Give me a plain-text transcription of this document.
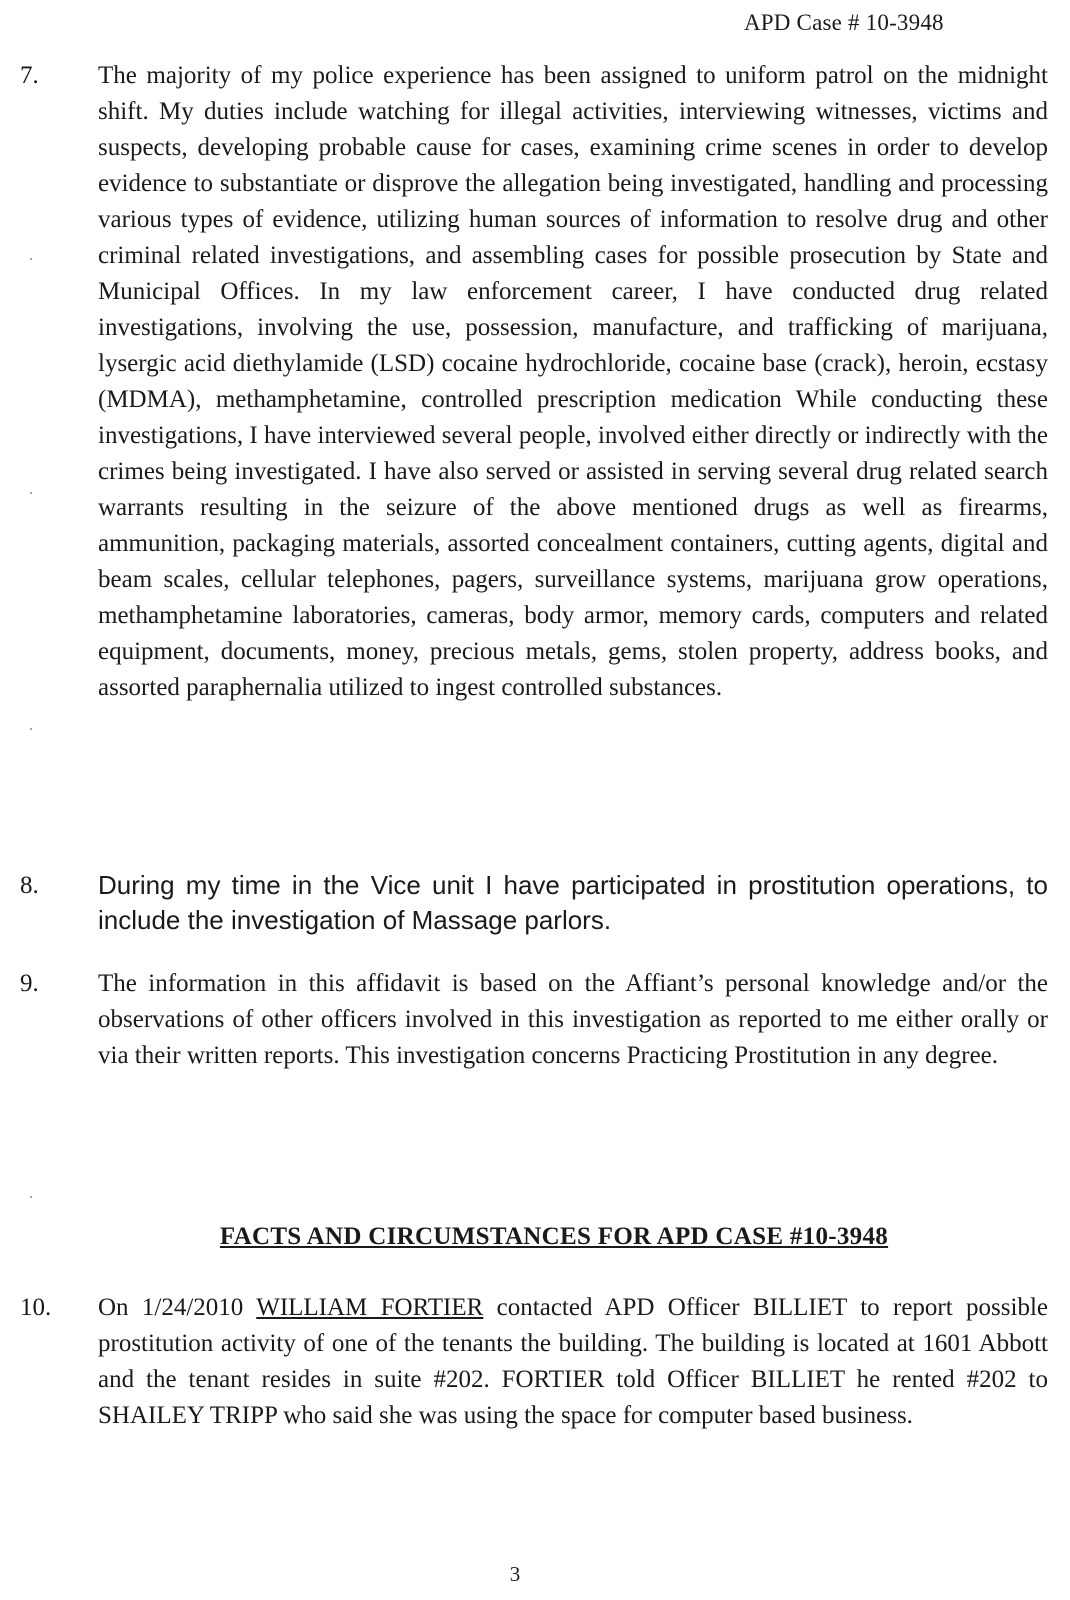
APD Case # 10-3948
7. The majority of my police experience has been assigned to uniform patrol on the midnight shift. My duties include watching for illegal activities, interviewing witnesses, victims and suspects, developing probable cause for cases, examining crime scenes in order to develop evidence to substantiate or disprove the allegation being investigated, handling and processing various types of evidence, utilizing human sources of information to resolve drug and other criminal related investigations, and assembling cases for possible prosecution by State and Municipal Offices. In my law enforcement career, I have conducted drug related investigations, involving the use, possession, manufacture, and trafficking of marijuana, lysergic acid diethylamide (LSD) cocaine hydrochloride, cocaine base (crack), heroin, ecstasy (MDMA), methamphetamine, controlled prescription medication While conducting these investigations, I have interviewed several people, involved either directly or indirectly with the crimes being investigated. I have also served or assisted in serving several drug related search warrants resulting in the seizure of the above mentioned drugs as well as firearms, ammunition, packaging materials, assorted concealment containers, cutting agents, digital and beam scales, cellular telephones, pagers, surveillance systems, marijuana grow operations, methamphetamine laboratories, cameras, body armor, memory cards, computers and related equipment, documents, money, precious metals, gems, stolen property, address books, and assorted paraphernalia utilized to ingest controlled substances.
8. During my time in the Vice unit I have participated in prostitution operations, to include the investigation of Massage parlors.
9. The information in this affidavit is based on the Affiant’s personal knowledge and/or the observations of other officers involved in this investigation as reported to me either orally or via their written reports. This investigation concerns Practicing Prostitution in any degree.
FACTS AND CIRCUMSTANCES FOR APD CASE #10-3948
10. On 1/24/2010 WILLIAM FORTIER contacted APD Officer BILLIET to report possible prostitution activity of one of the tenants the building. The building is located at 1601 Abbott and the tenant resides in suite #202. FORTIER told Officer BILLIET he rented #202 to SHAILEY TRIPP who said she was using the space for computer based business.
3
